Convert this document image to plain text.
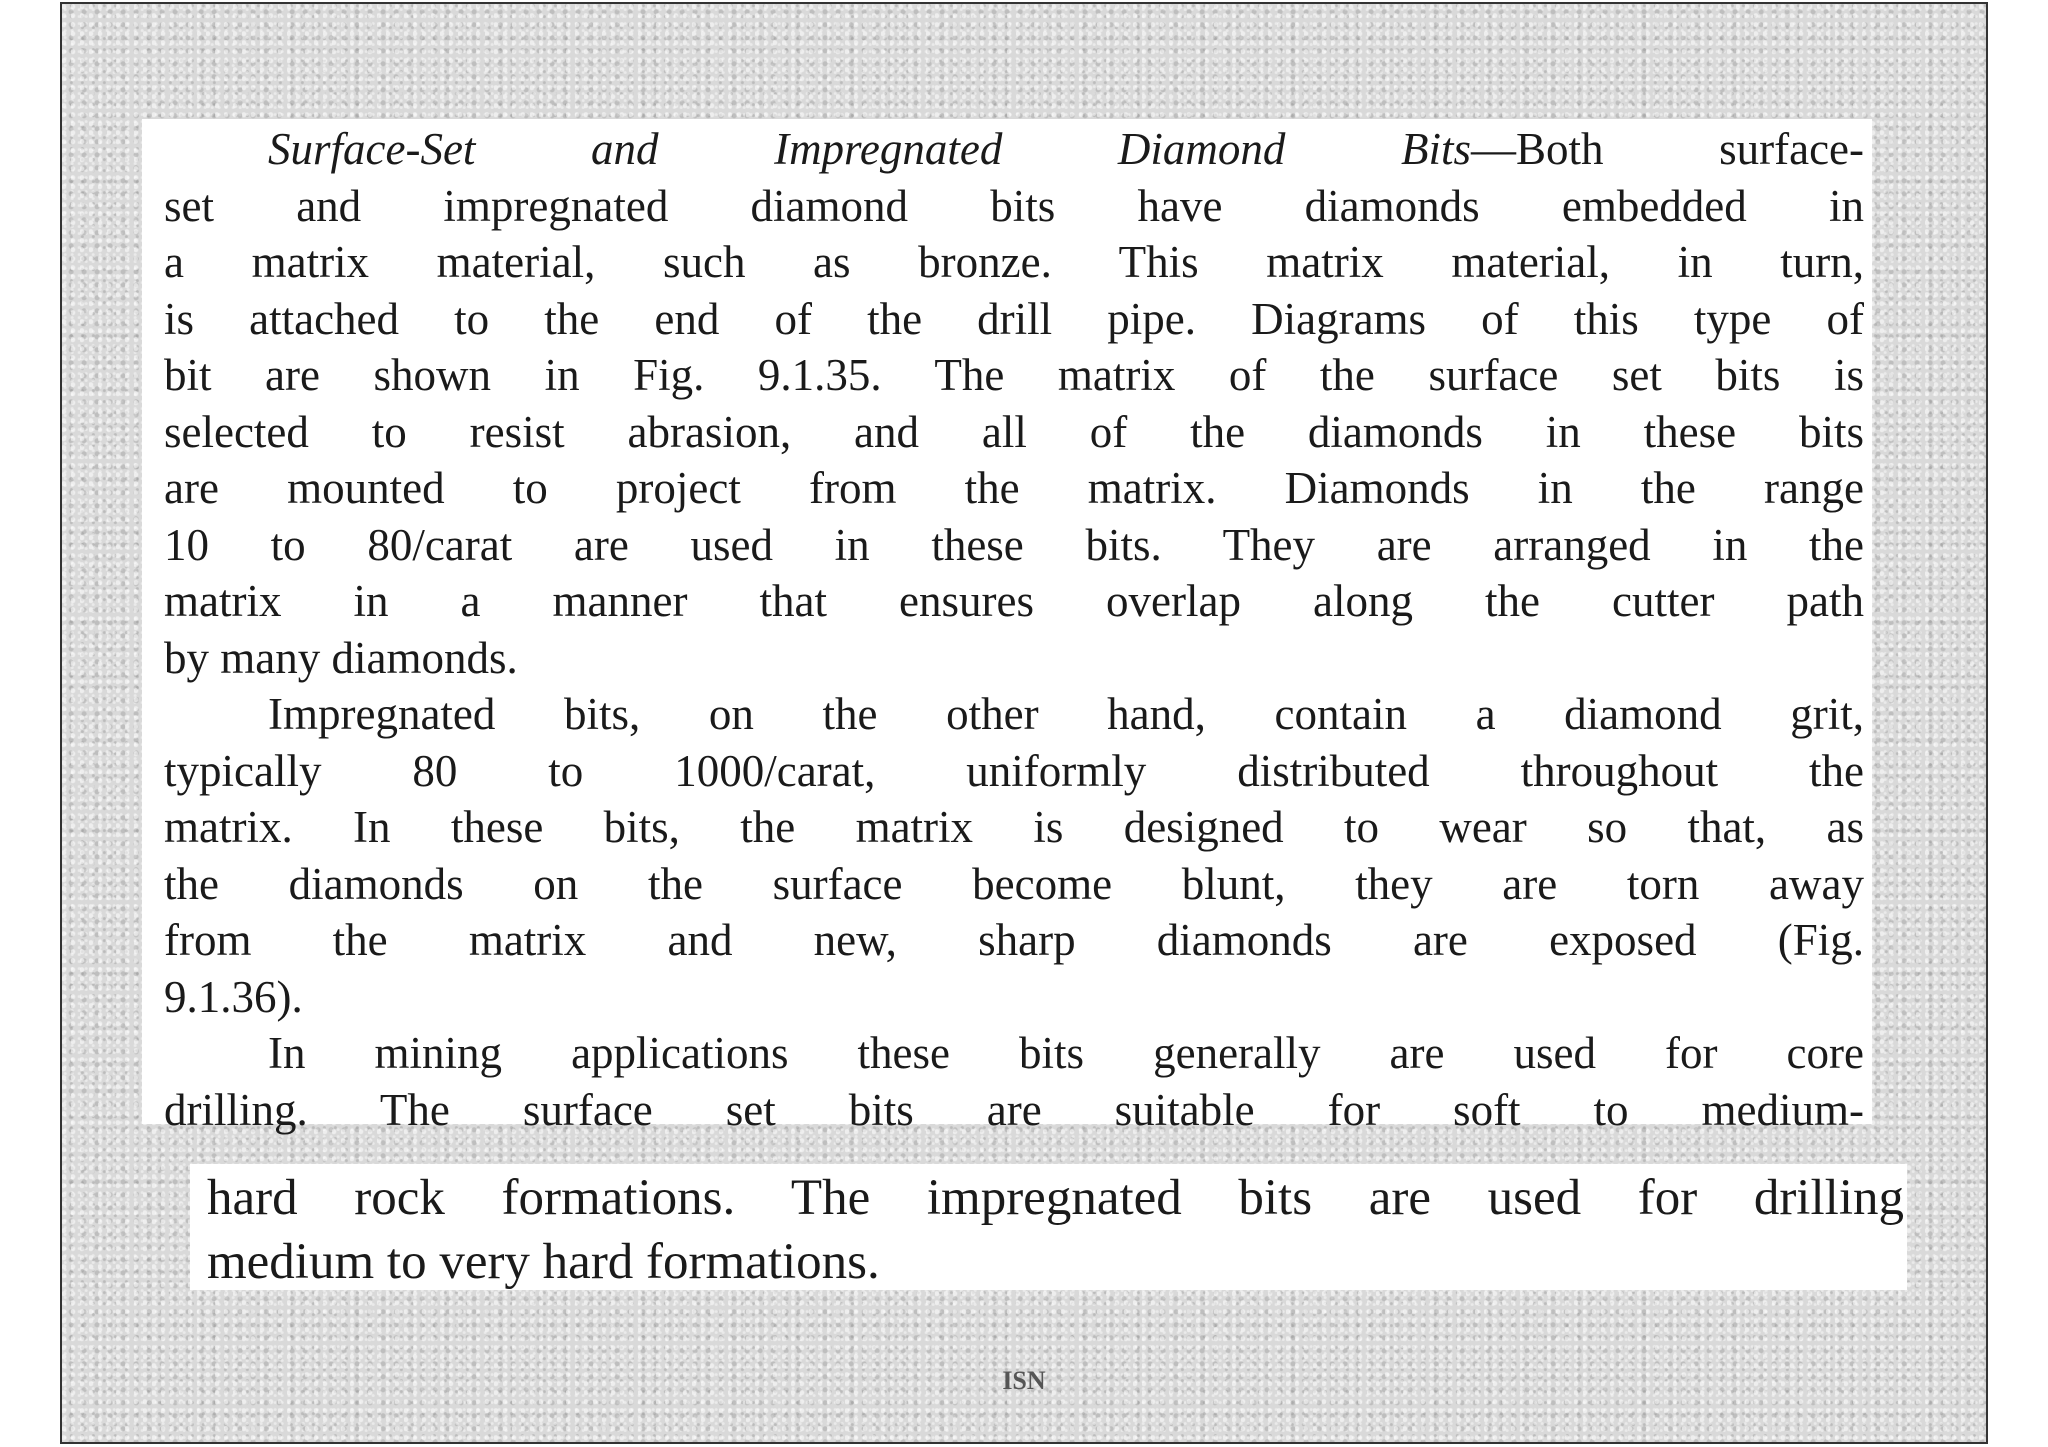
Surface-Set and Impregnated Diamond Bits—Both surface-
set and impregnated diamond bits have diamonds embedded in
a matrix material, such as bronze. This matrix material, in turn,
is attached to the end of the drill pipe. Diagrams of this type of
bit are shown in Fig. 9.1.35. The matrix of the surface set bits is
selected to resist abrasion, and all of the diamonds in these bits
are mounted to project from the matrix. Diamonds in the range
10 to 80/carat are used in these bits. They are arranged in the
matrix in a manner that ensures overlap along the cutter path
by many diamonds.
Impregnated bits, on the other hand, contain a diamond grit,
typically 80 to 1000/carat, uniformly distributed throughout the
matrix. In these bits, the matrix is designed to wear so that, as
the diamonds on the surface become blunt, they are torn away
from the matrix and new, sharp diamonds are exposed (Fig.
9.1.36).
In mining applications these bits generally are used for core
drilling. The surface set bits are suitable for soft to medium-
hard rock formations. The impregnated bits are used for drilling
medium to very hard formations.
ISN
